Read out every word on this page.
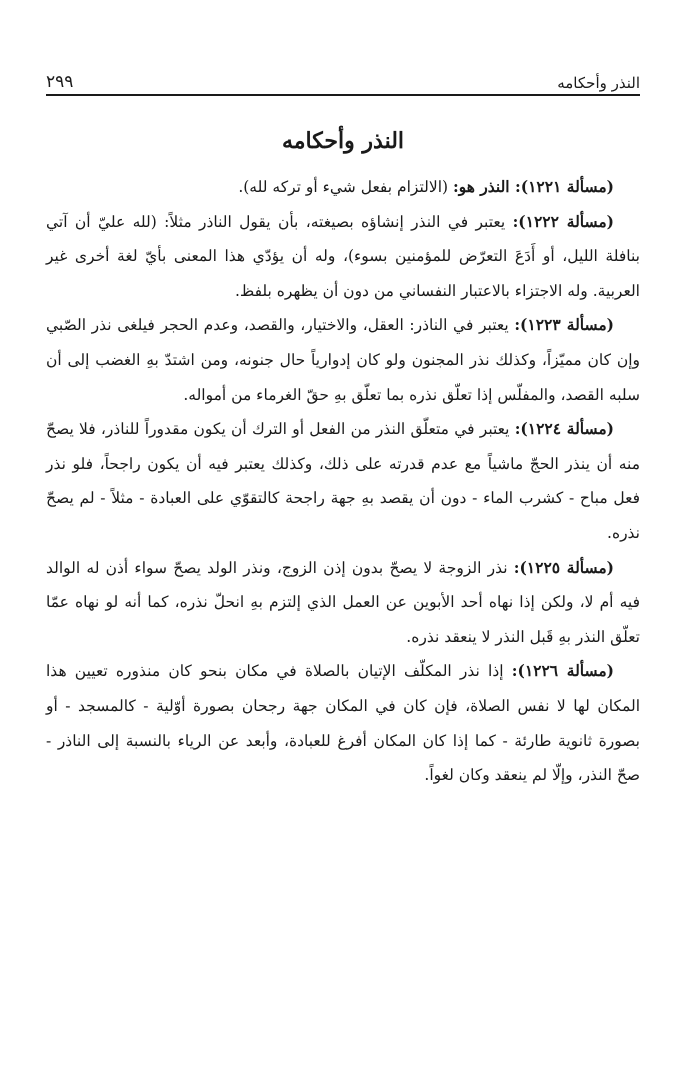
النذر وأحكامه
٢٩٩
النذر وأحكامه

(مسألة ١٢٢١): النذر هو: (الالتزام بفعل شيء أو تركه لله).

(مسألة ١٢٢٢): يعتبر في النذر إنشاؤه بصيغته، بأن يقول الناذر مثلاً: (لله عليّ أن آتي بنافلة الليل، أو أَدَعَ التعرّض للمؤمنين بسوء)، وله أن يؤدّي هذا المعنى بأيّ لغة أخرى غير العربية. وله الاجتزاء بالاعتبار النفساني من دون أن يظهره بلفظ.

(مسألة ١٢٢٣): يعتبر في الناذر: العقل، والاختيار، والقصد، وعدم الحجر فيلغى نذر الصّبي وإن كان مميّزاً، وكذلك نذر المجنون ولو كان إدوارياً حال جنونه، ومن اشتدّ بهِ الغضب إلى أن سلبه القصد، والمفلّس إذا تعلّق نذره بما تعلّق بهِ حقّ الغرماء من أمواله.

(مسألة ١٢٢٤): يعتبر في متعلّق النذر من الفعل أو الترك أن يكون مقدوراً للناذر، فلا يصحّ منه أن ينذر الحجّ ماشياً مع عدم قدرته على ذلك، وكذلك يعتبر فيه أن يكون راجحاً، فلو نذر فعل مباح - كشرب الماء - دون أن يقصد بهِ جهة راجحة كالتقوّي على العبادة - مثلاً - لم يصحّ نذره.

(مسألة ١٢٢٥): نذر الزوجة لا يصحّ بدون إذن الزوج، ونذر الولد يصحّ سواء أذن له الوالد فيه أم لا، ولكن إذا نهاه أحد الأبوين عن العمل الذي إلتزم بهِ انحلّ نذره، كما أنه لو نهاه عمّا تعلّق النذر بهِ قَبل النذر لا ينعقد نذره.

(مسألة ١٢٢٦): إذا نذر المكلّف الإتيان بالصلاة في مكان بنحو كان منذوره تعيين هذا المكان لها لا نفس الصلاة، فإن كان في المكان جهة رجحان بصورة أوّلية - كالمسجد - أو بصورة ثانوية طارئة - كما إذا كان المكان أفرغ للعبادة، وأبعد عن الرياء بالنسبة إلى الناذر - صحّ النذر، وإلّا لم ينعقد وكان لغواً.
